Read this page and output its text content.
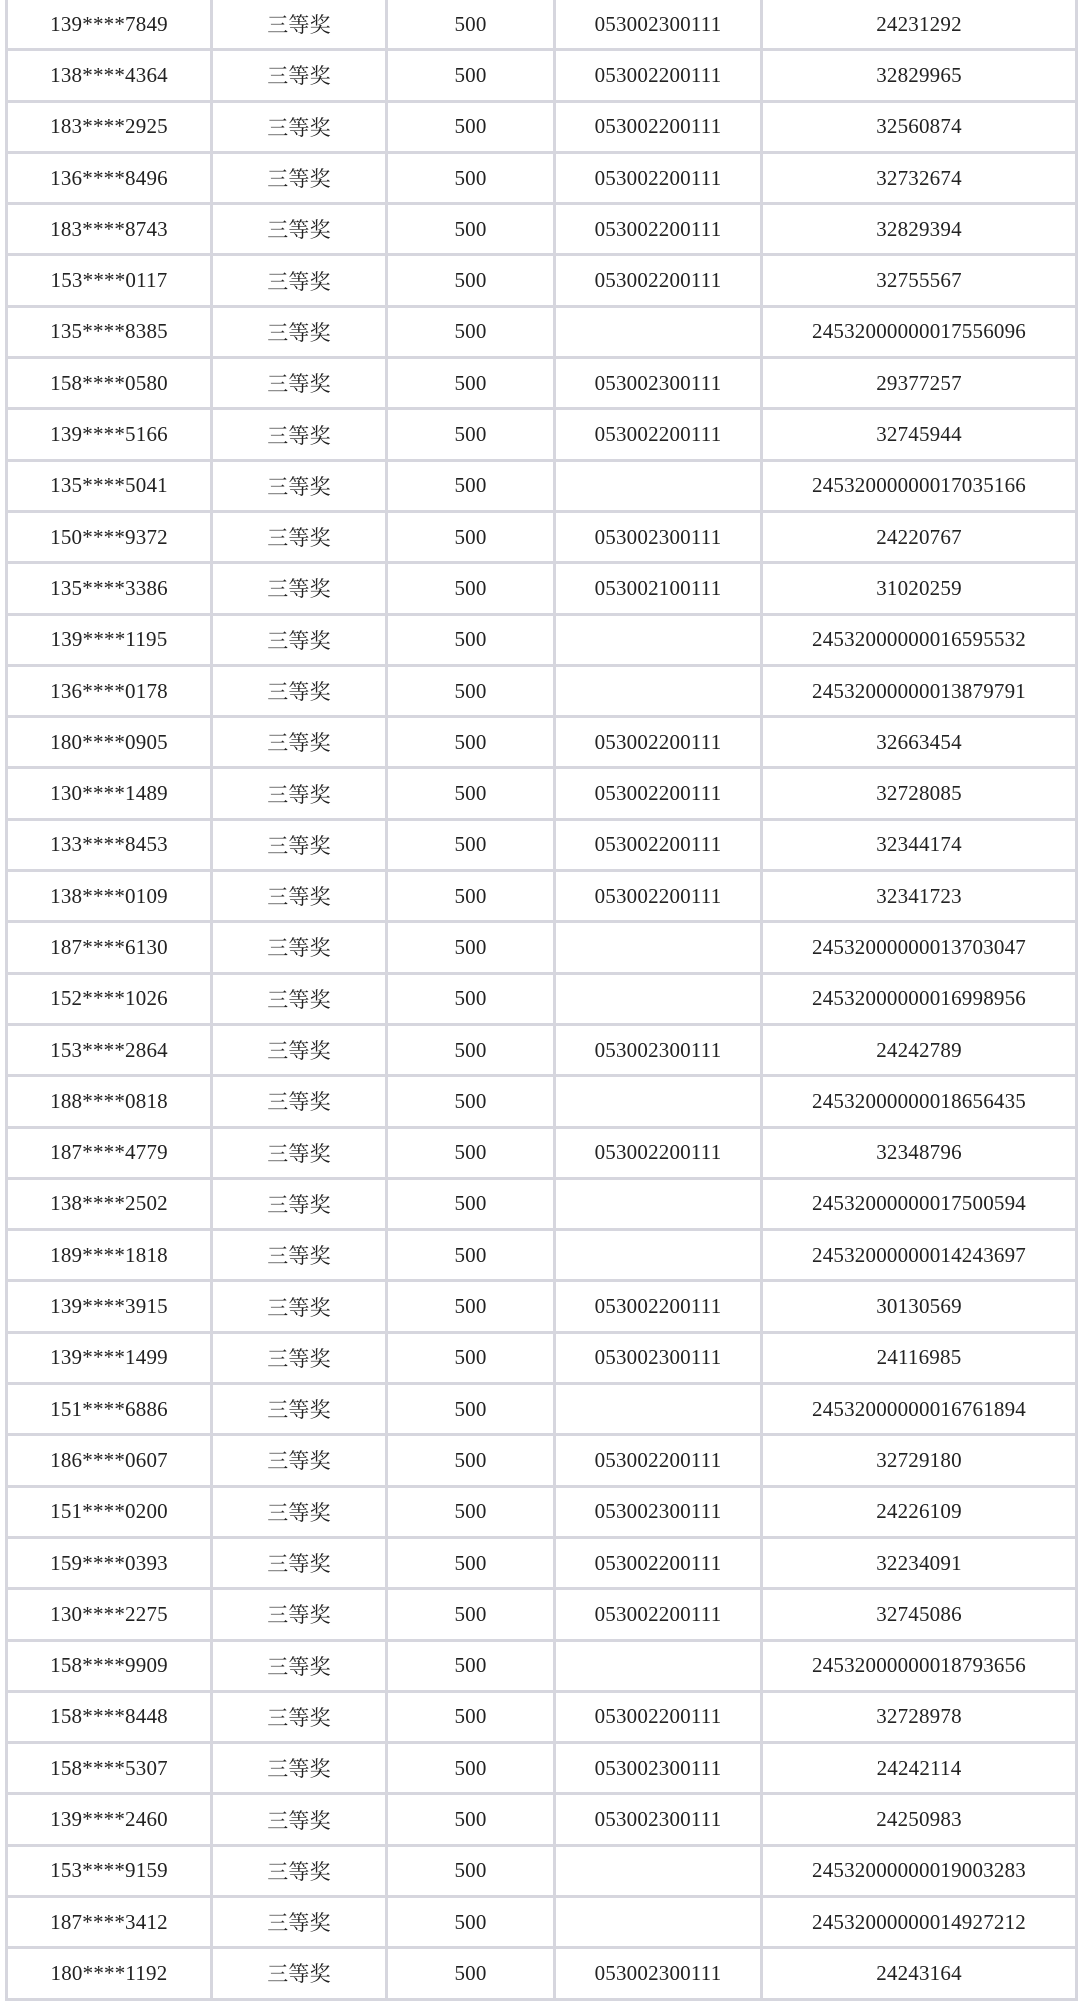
139****7849	三等奖	500	053002300111	24231292
138****4364	三等奖	500	053002200111	32829965
183****2925	三等奖	500	053002200111	32560874
136****8496	三等奖	500	053002200111	32732674
183****8743	三等奖	500	053002200111	32829394
153****0117	三等奖	500	053002200111	32755567
135****8385	三等奖	500		24532000000017556096
158****0580	三等奖	500	053002300111	29377257
139****5166	三等奖	500	053002200111	32745944
135****5041	三等奖	500		24532000000017035166
150****9372	三等奖	500	053002300111	24220767
135****3386	三等奖	500	053002100111	31020259
139****1195	三等奖	500		24532000000016595532
136****0178	三等奖	500		24532000000013879791
180****0905	三等奖	500	053002200111	32663454
130****1489	三等奖	500	053002200111	32728085
133****8453	三等奖	500	053002200111	32344174
138****0109	三等奖	500	053002200111	32341723
187****6130	三等奖	500		24532000000013703047
152****1026	三等奖	500		24532000000016998956
153****2864	三等奖	500	053002300111	24242789
188****0818	三等奖	500		24532000000018656435
187****4779	三等奖	500	053002200111	32348796
138****2502	三等奖	500		24532000000017500594
189****1818	三等奖	500		24532000000014243697
139****3915	三等奖	500	053002200111	30130569
139****1499	三等奖	500	053002300111	24116985
151****6886	三等奖	500		24532000000016761894
186****0607	三等奖	500	053002200111	32729180
151****0200	三等奖	500	053002300111	24226109
159****0393	三等奖	500	053002200111	32234091
130****2275	三等奖	500	053002200111	32745086
158****9909	三等奖	500		24532000000018793656
158****8448	三等奖	500	053002200111	32728978
158****5307	三等奖	500	053002300111	24242114
139****2460	三等奖	500	053002300111	24250983
153****9159	三等奖	500		24532000000019003283
187****3412	三等奖	500		24532000000014927212
180****1192	三等奖	500	053002300111	24243164
